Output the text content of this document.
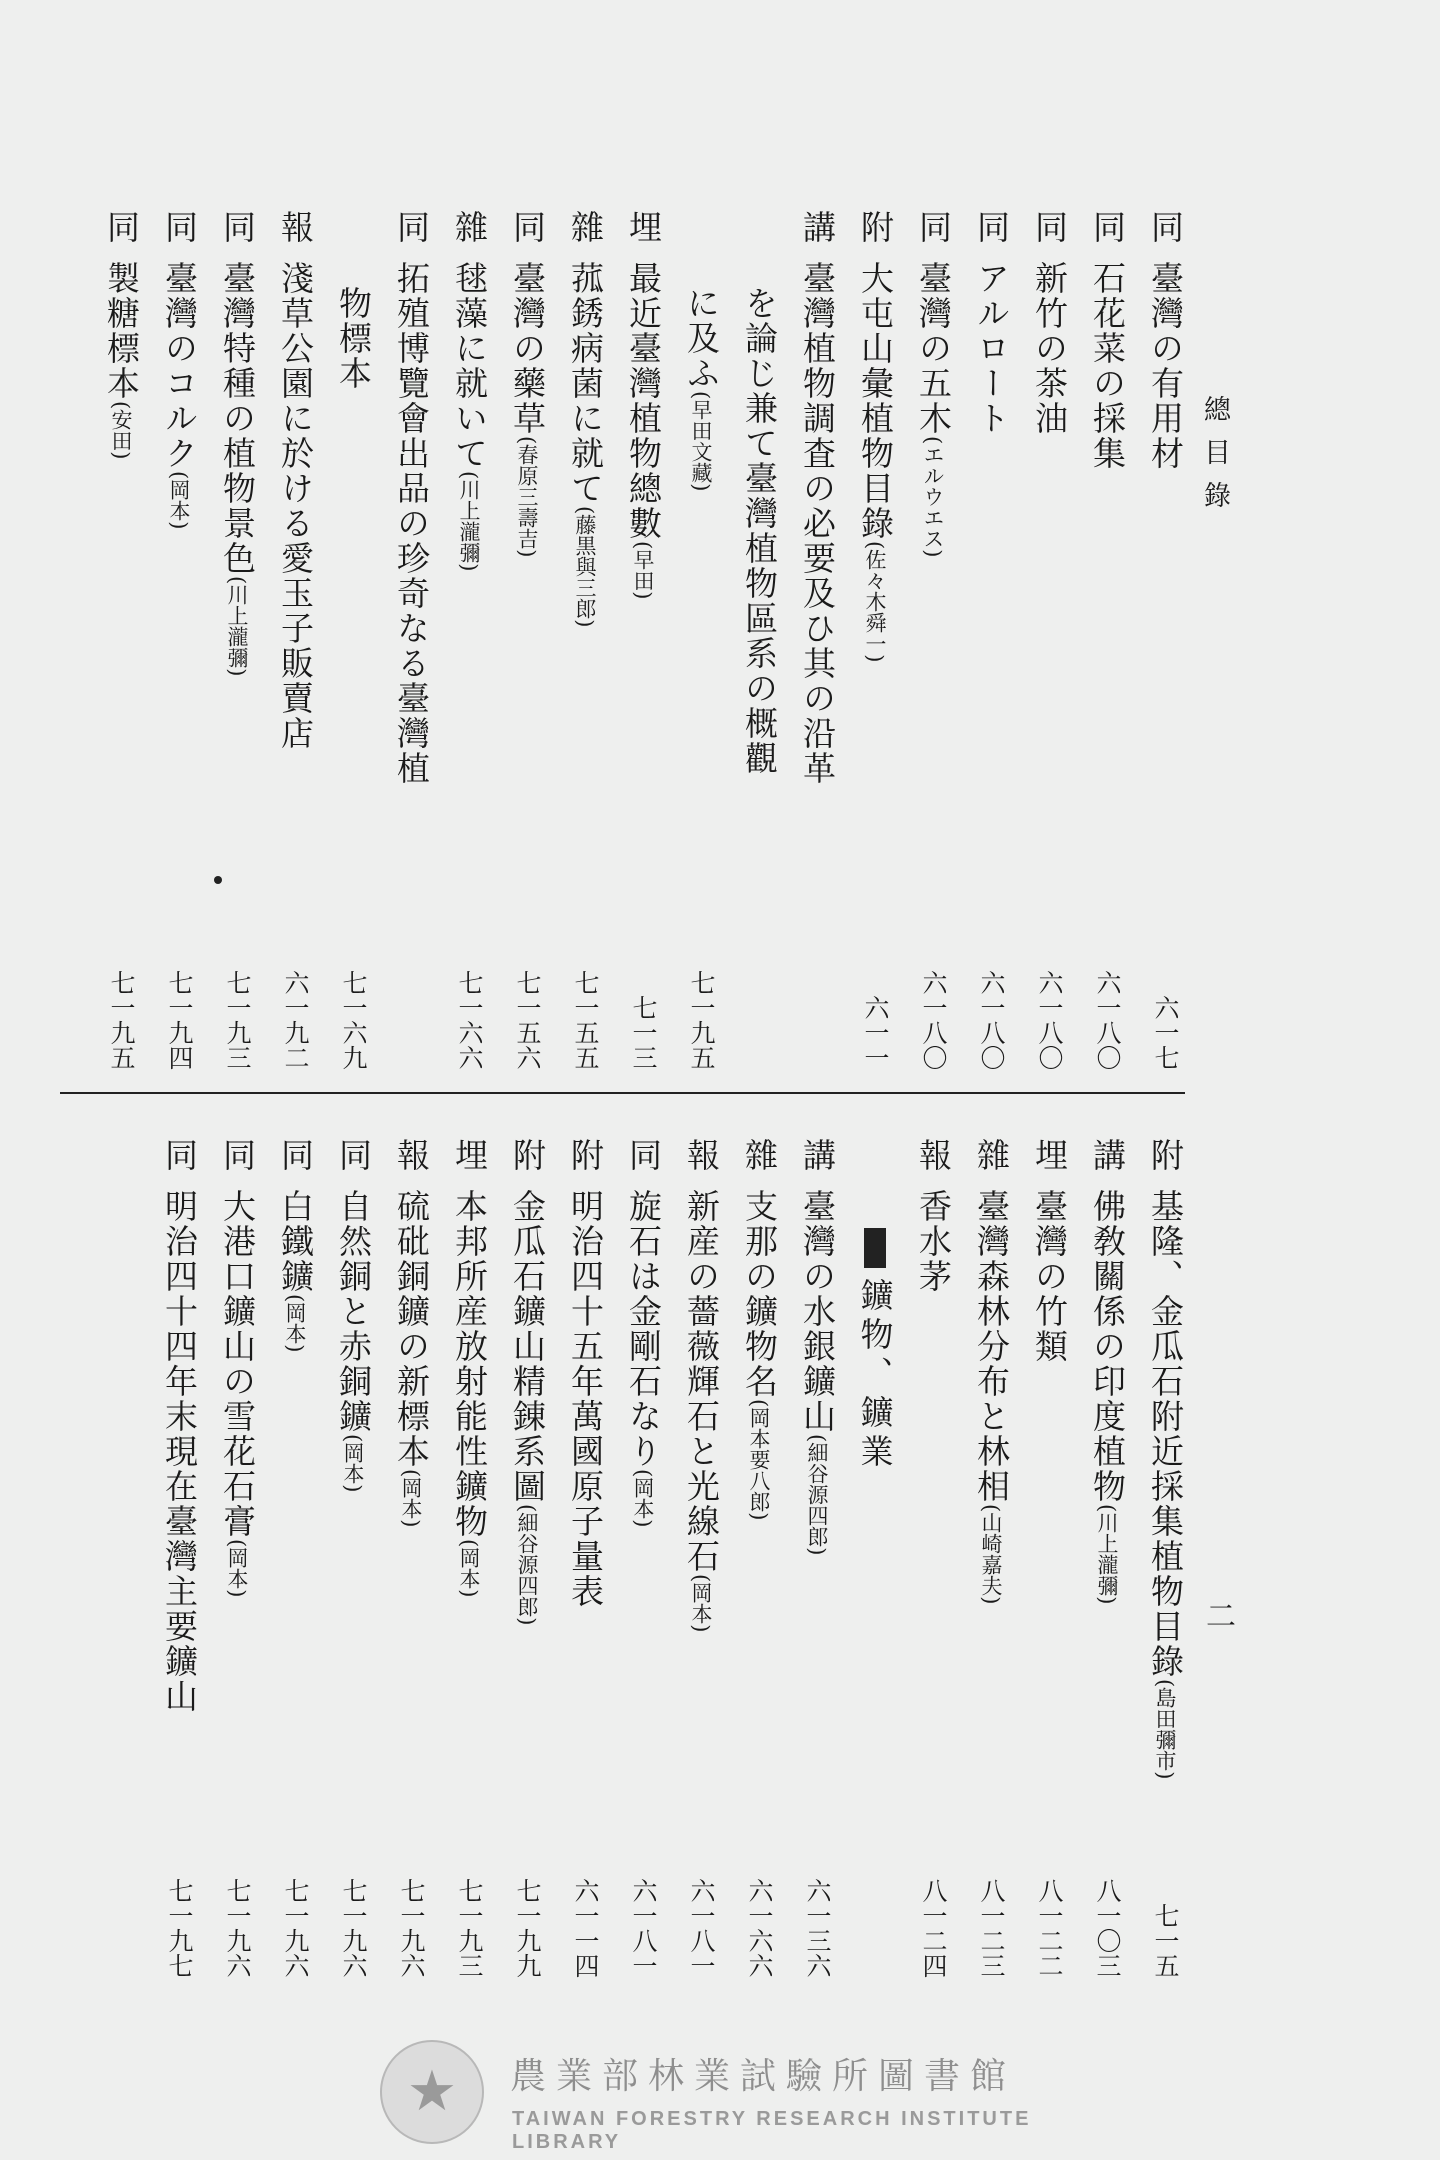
總目錄
二
同臺灣の有用材
六一七
同石花菜の採集
六一八〇
同新竹の茶油
六一八〇
同アルロート
六一八〇
同臺灣の五木(エルウエス)
六一八〇
附大屯山彙植物目錄(佐々木舜一)
六一一
講臺灣植物調査の必要及ひ其の沿革
を論じ兼て臺灣植物區系の概觀
に及ふ(早田文藏)
七一九五
埋最近臺灣植物總數(早田)
七一三
雜菰銹病菌に就て(藤黒與三郎)
七一五五
同臺灣の藥草(春原三壽吉)
七一五六
雜毬藻に就いて(川上瀧彌)
七一六六
同拓殖博覽會出品の珍奇なる臺灣植
物標本
七一六九
報淺草公園に於ける愛玉子販賣店
六一九二
同臺灣特種の植物景色(川上瀧彌)
七一九三
同臺灣のコルク(岡本)
七一九四
同製糖標本(安田)
七一九五
附基隆、金瓜石附近採集植物目錄(島田彌市)
七一五
講佛敎關係の印度植物(川上瀧彌)
八一〇三
埋臺灣の竹類
八一二二
雜臺灣森林分布と林相(山崎嘉夫)
八一二三
報香水茅
八一二四
鑛物、鑛業
講臺灣の水銀鑛山(細谷源四郎)
六一三六
雜支那の鑛物名(岡本要八郎)
六一六六
報新産の薔薇輝石と光線石(岡本)
六一八一
同旋石は金剛石なり(岡本)
六一八一
附明治四十五年萬國原子量表
六一一四
附金瓜石鑛山精錬系圖(細谷源四郎)
七一九九
埋本邦所産放射能性鑛物(岡本)
七一九三
報硫砒銅鑛の新標本(岡本)
七一九六
同自然銅と赤銅鑛(岡本)
七一九六
同白鐵鑛(岡本)
七一九六
同大港口鑛山の雪花石膏(岡本)
七一九六
同明治四十四年末現在臺灣主要鑛山
七一九七
★ 農業部林業試驗所圖書館
TAIWAN FORESTRY RESEARCH INSTITUTE LIBRARY
